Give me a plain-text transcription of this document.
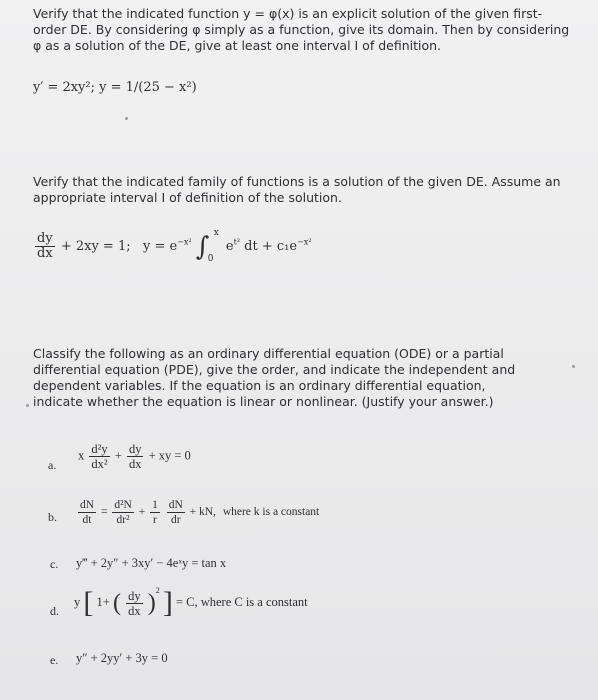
Verify that the indicated function y = φ(x) is an explicit solution of the given first-order DE. By considering φ simply as a function, give its domain. Then by considering φ as a solution of the DE, give at least one interval I of definition.
y′ = 2xy²; y = 1/(25 − x²)
Verify that the indicated family of functions is a solution of the given DE. Assume an appropriate interval I of definition of the solution.
$\frac{dy}{dx} + 2xy = 1$; $y = e^{-x^2}$ ∫ x
0
$e^{t^2}$ dt + $c_1e^{-x^2}$
Classify the following as an ordinary differential equation (ODE) or a partial differential equation (PDE), give the order, and indicate the independent and dependent variables. If the equation is an ordinary differential equation, indicate whether the equation is linear or nonlinear. (Justify your answer.)
a.
x $\frac{\text{d²y}}{\text{dx²}} + \frac{dy}{dx}$ + xy = 0
b. $\frac{dN}{dt} = \frac{\text{d²N}}{\text{dr²}} + \frac{1}{r}$
$\frac{dN}{dr}$ + kN, where k is a constant
c. y‴ + 2y″ + 3xy′ − 4eˣy = tan x
d.
y [ 1+ ( $\frac{dy}{dx} )^2$ ] = C, where C is a constant
e. y″ + 2yy′ + 3y = 0
